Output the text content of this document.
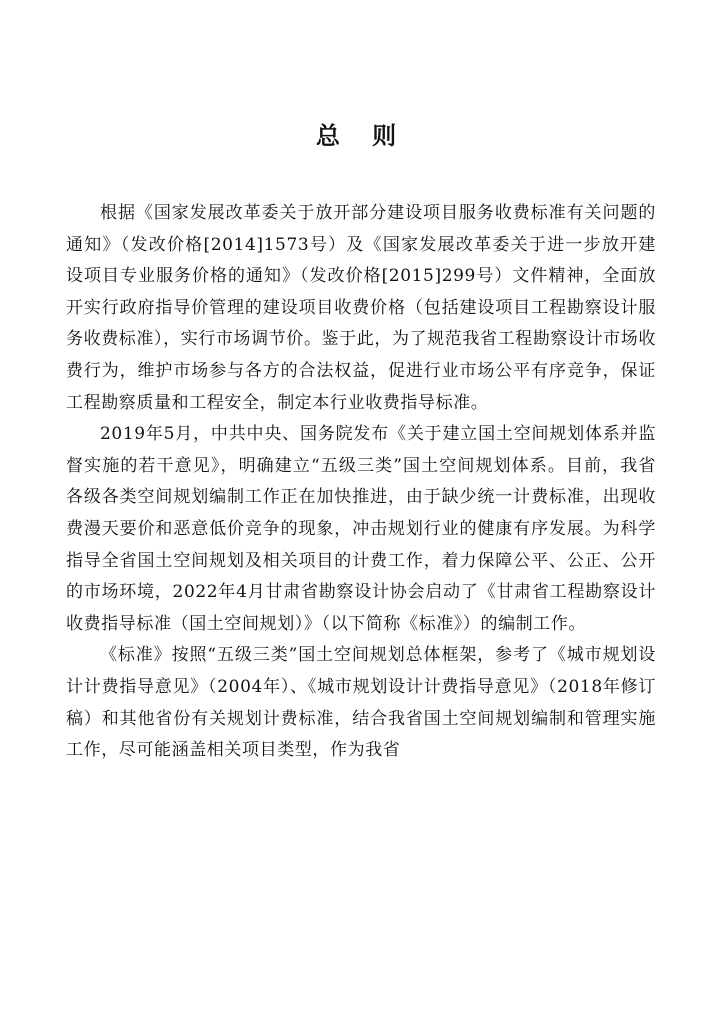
总 则

根据《国家发展改革委关于放开部分建设项目服务收费标准有关问题的通知》（发改价格[2014]1573号）及《国家发展改革委关于进一步放开建设项目专业服务价格的通知》（发改价格[2015]299号）文件精神，全面放开实行政府指导价管理的建设项目收费价格（包括建设项目工程勘察设计服务收费标准），实行市场调节价。鉴于此，为了规范我省工程勘察设计市场收费行为，维护市场参与各方的合法权益，促进行业市场公平有序竞争，保证工程勘察质量和工程安全，制定本行业收费指导标准。

2019年5月，中共中央、国务院发布《关于建立国土空间规划体系并监督实施的若干意见》，明确建立“五级三类”国土空间规划体系。目前，我省各级各类空间规划编制工作正在加快推进，由于缺少统一计费标准，出现收费漫天要价和恶意低价竞争的现象，冲击规划行业的健康有序发展。为科学指导全省国土空间规划及相关项目的计费工作，着力保障公平、公正、公开的市场环境，2022年4月甘肃省勘察设计协会启动了《甘肃省工程勘察设计收费指导标准（国土空间规划）》（以下简称《标准》）的编制工作。

《标准》按照“五级三类”国土空间规划总体框架，参考了《城市规划设计计费指导意见》（2004年）、《城市规划设计计费指导意见》（2018年修订稿）和其他省份有关规划计费标准，结合我省国土空间规划编制和管理实施工作，尽可能涵盖相关项目类型，作为我省
